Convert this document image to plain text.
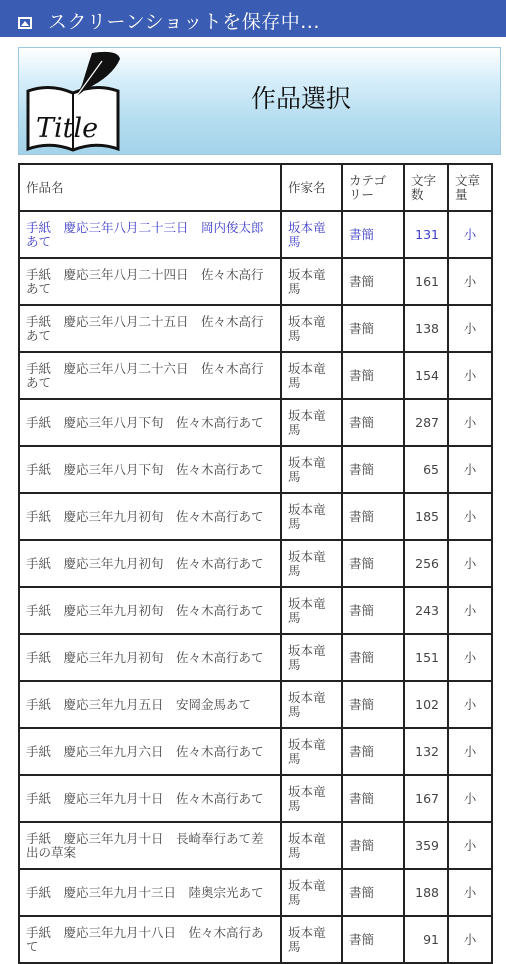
スクリーンショットを保存中...
Title
作品選択
作品名	作家名	カテゴリー	文字数	文章量
手紙　慶応三年八月二十三日　岡内俊太郎あて	坂本竜馬	書簡	131	小
手紙　慶応三年八月二十四日　佐々木高行あて	坂本竜馬	書簡	161	小
手紙　慶応三年八月二十五日　佐々木高行あて	坂本竜馬	書簡	138	小
手紙　慶応三年八月二十六日　佐々木高行あて	坂本竜馬	書簡	154	小
手紙　慶応三年八月下旬　佐々木高行あて	坂本竜馬	書簡	287	小
手紙　慶応三年八月下旬　佐々木高行あて	坂本竜馬	書簡	65	小
手紙　慶応三年九月初旬　佐々木高行あて	坂本竜馬	書簡	185	小
手紙　慶応三年九月初旬　佐々木高行あて	坂本竜馬	書簡	256	小
手紙　慶応三年九月初旬　佐々木高行あて	坂本竜馬	書簡	243	小
手紙　慶応三年九月初旬　佐々木高行あて	坂本竜馬	書簡	151	小
手紙　慶応三年九月五日　安岡金馬あて	坂本竜馬	書簡	102	小
手紙　慶応三年九月六日　佐々木高行あて	坂本竜馬	書簡	132	小
手紙　慶応三年九月十日　佐々木高行あて	坂本竜馬	書簡	167	小
手紙　慶応三年九月十日　長崎奉行あて差出の草案	坂本竜馬	書簡	359	小
手紙　慶応三年九月十三日　陸奥宗光あて	坂本竜馬	書簡	188	小
手紙　慶応三年九月十八日　佐々木高行あて	坂本竜馬	書簡	91	小
